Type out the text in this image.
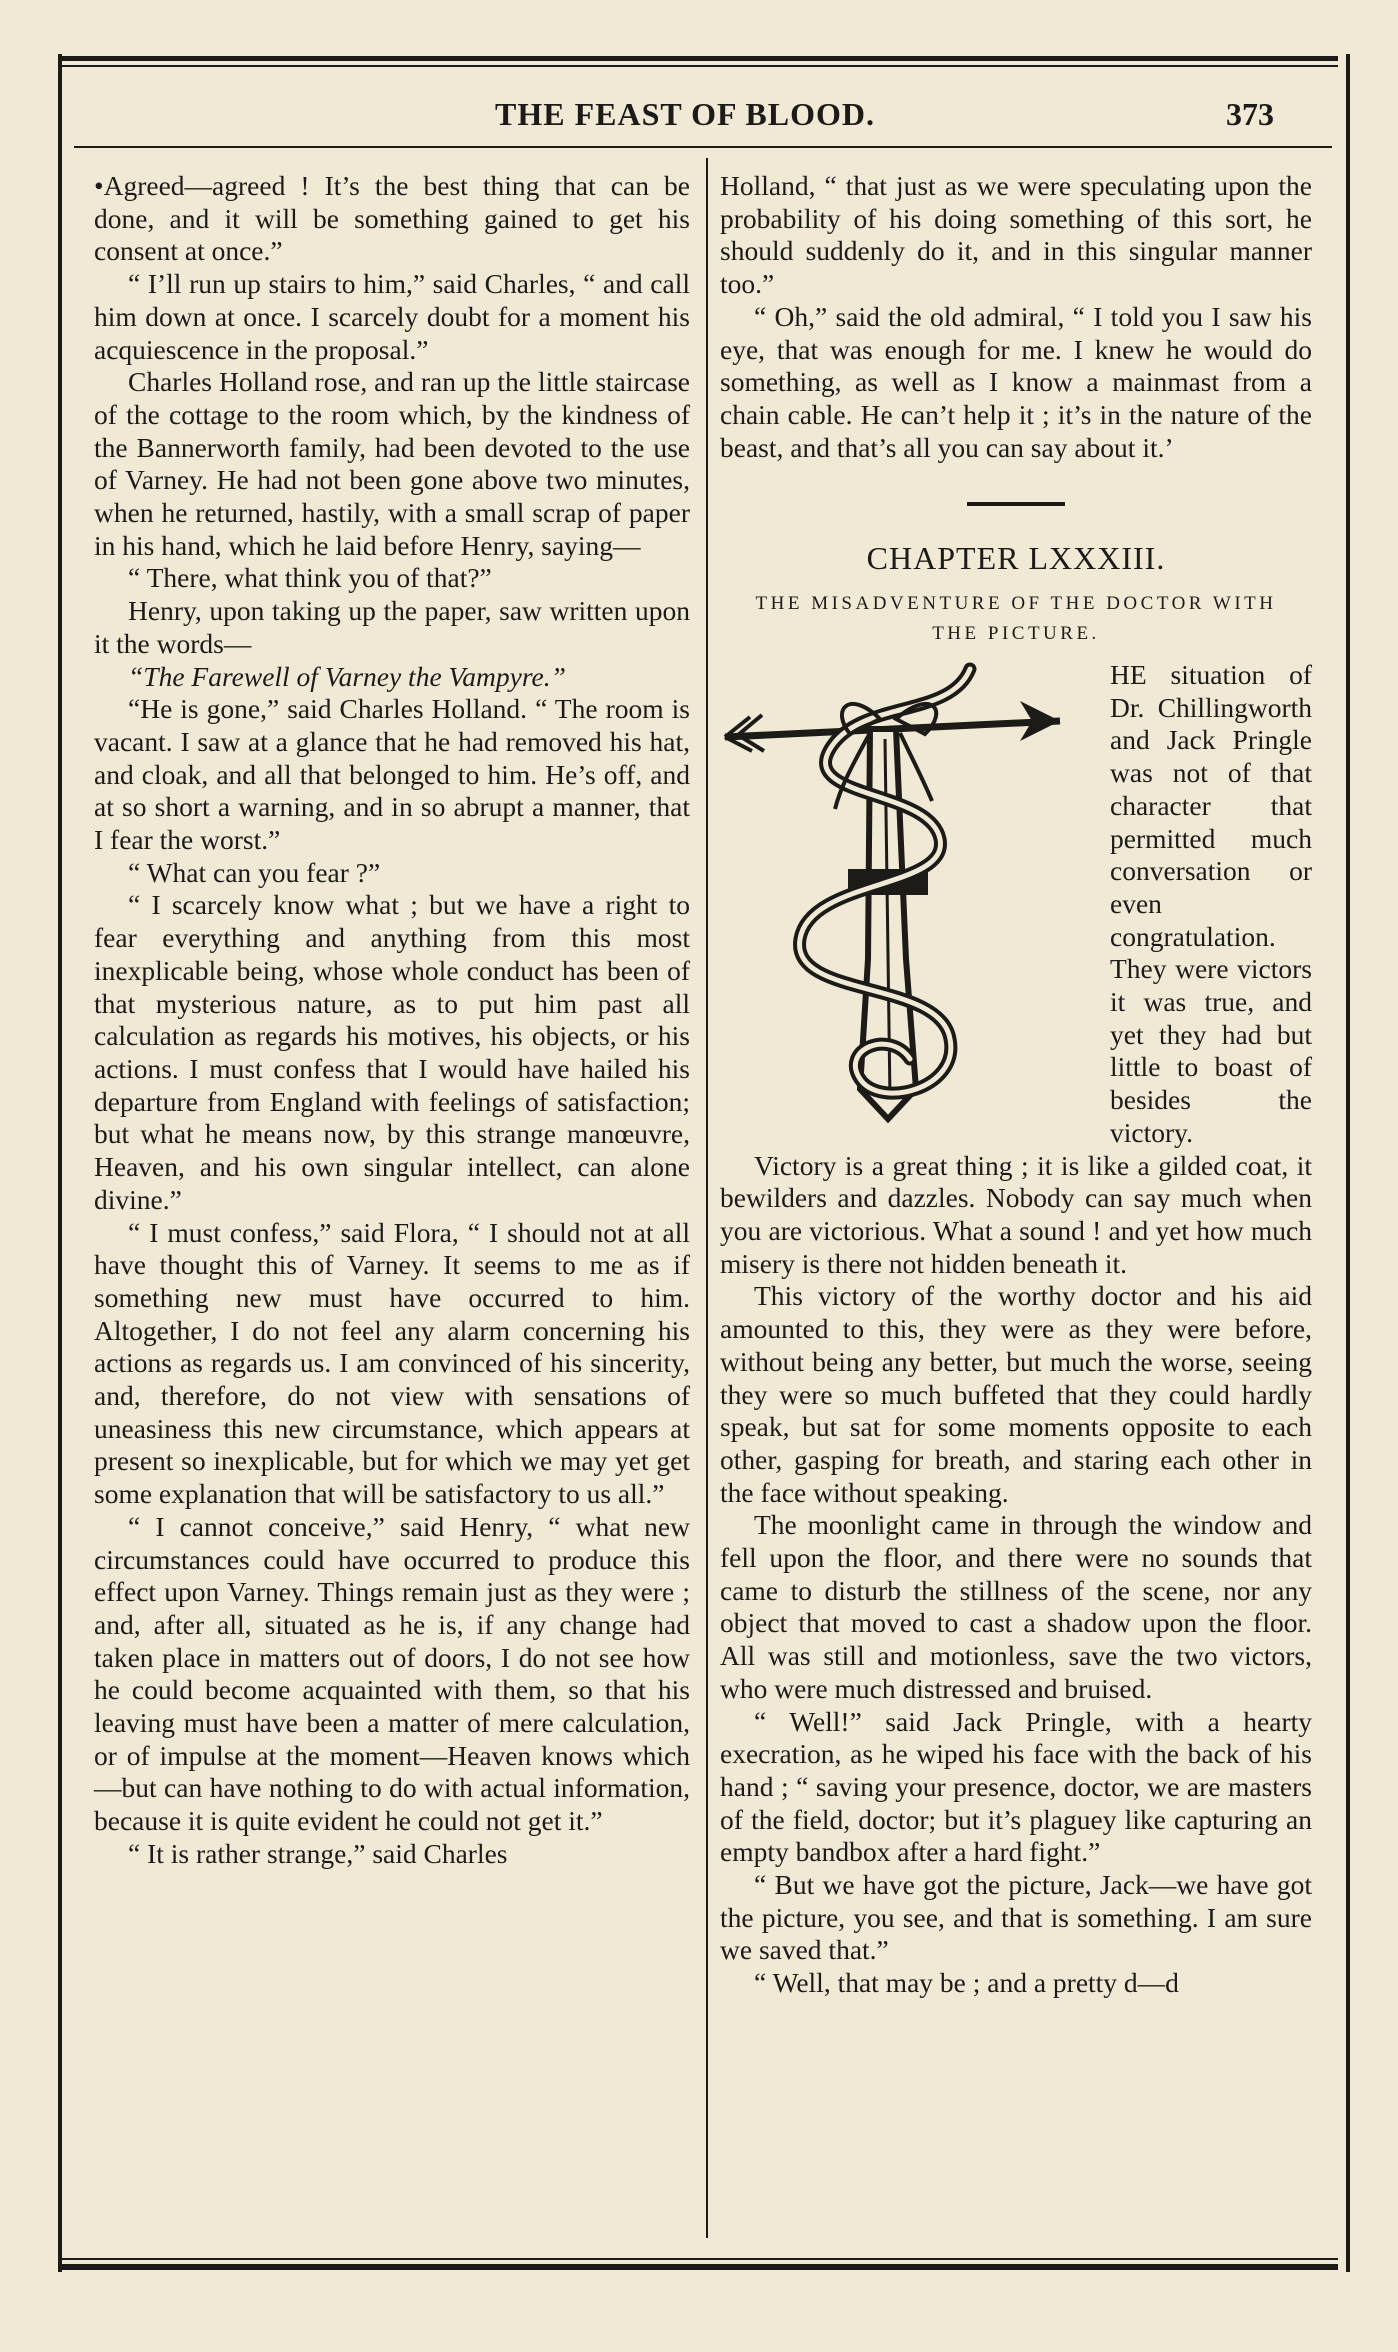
THE FEAST OF BLOOD.	373

•Agreed—agreed ! It’s the best thing that can be done, and it will be something gained to get his consent at once.”

“ I’ll run up stairs to him,” said Charles, “ and call him down at once. I scarcely doubt for a moment his acquiescence in the proposal.”

Charles Holland rose, and ran up the little staircase of the cottage to the room which, by the kindness of the Bannerworth family, had been devoted to the use of Varney. He had not been gone above two minutes, when he returned, hastily, with a small scrap of paper in his hand, which he laid before Henry, saying—

“ There, what think you of that?”

Henry, upon taking up the paper, saw written upon it the words—

“The Farewell of Varney the Vampyre.”

“He is gone,” said Charles Holland. “ The room is vacant. I saw at a glance that he had removed his hat, and cloak, and all that belonged to him. He’s off, and at so short a warning, and in so abrupt a manner, that I fear the worst.”

“ What can you fear ?”

“ I scarcely know what ; but we have a right to fear everything and anything from this most inexplicable being, whose whole conduct has been of that mysterious nature, as to put him past all calculation as regards his motives, his objects, or his actions. I must confess that I would have hailed his departure from England with feelings of satisfaction; but what he means now, by this strange manœuvre, Heaven, and his own singular intellect, can alone divine.”

“ I must confess,” said Flora, “ I should not at all have thought this of Varney. It seems to me as if something new must have occurred to him. Altogether, I do not feel any alarm concerning his actions as regards us. I am convinced of his sincerity, and, therefore, do not view with sensations of uneasiness this new circumstance, which appears at present so inexplicable, but for which we may yet get some explanation that will be satisfactory to us all.”

“ I cannot conceive,” said Henry, “ what new circumstances could have occurred to produce this effect upon Varney. Things remain just as they were ; and, after all, situated as he is, if any change had taken place in matters out of doors, I do not see how he could become acquainted with them, so that his leaving must have been a matter of mere calculation, or of impulse at the moment—Heaven knows which—but can have nothing to do with actual information, because it is quite evident he could not get it.”

“ It is rather strange,” said Charles

Holland, “ that just as we were speculating upon the probability of his doing something of this sort, he should suddenly do it, and in this singular manner too.”

“ Oh,” said the old admiral, “ I told you I saw his eye, that was enough for me. I knew he would do something, as well as I know a mainmast from a chain cable. He can’t help it ; it’s in the nature of the beast, and that’s all you can say about it.’

CHAPTER LXXXIII.
THE MISADVENTURE OF THE DOCTOR WITH THE PICTURE.

HE situation of Dr. Chillingworth and Jack Pringle was not of that character that permitted much conversation or even congratulation. They were victors it was true, and yet they had but little to boast of besides the victory.

Victory is a great thing ; it is like a gilded coat, it bewilders and dazzles. Nobody can say much when you are victorious. What a sound ! and yet how much misery is there not hidden beneath it.

This victory of the worthy doctor and his aid amounted to this, they were as they were before, without being any better, but much the worse, seeing they were so much buffeted that they could hardly speak, but sat for some moments opposite to each other, gasping for breath, and staring each other in the face without speaking.

The moonlight came in through the window and fell upon the floor, and there were no sounds that came to disturb the stillness of the scene, nor any object that moved to cast a shadow upon the floor. All was still and motionless, save the two victors, who were much distressed and bruised.

“ Well!” said Jack Pringle, with a hearty execration, as he wiped his face with the back of his hand ; “ saving your presence, doctor, we are masters of the field, doctor; but it’s plaguey like capturing an empty bandbox after a hard fight.”

“ But we have got the picture, Jack—we have got the picture, you see, and that is something. I am sure we saved that.”

“ Well, that may be ; and a pretty d—d
